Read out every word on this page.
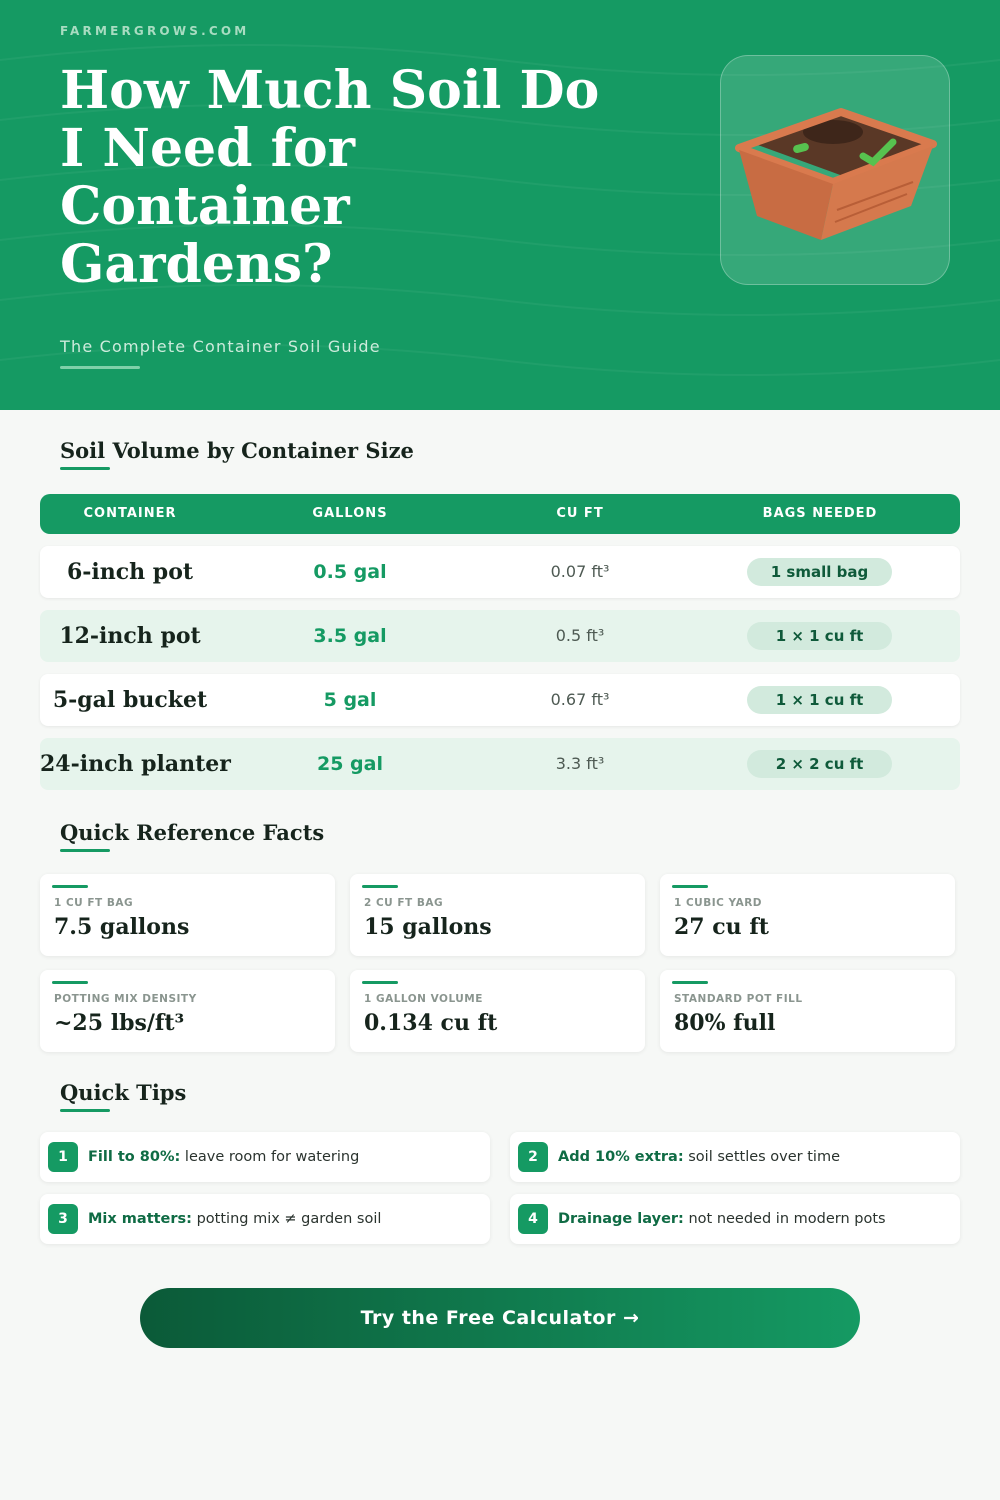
FARMERGROWS.COM
How Much Soil Do I Need for Container Gardens?
The Complete Container Soil Guide
Soil Volume by Container Size
CONTAINER	GALLONS	CU FT	BAGS NEEDED
6-inch pot	0.5 gal	0.07 ft³	1 small bag
12-inch pot	3.5 gal	0.5 ft³	1 × 1 cu ft
5-gal bucket	5 gal	0.67 ft³	1 × 1 cu ft
24-inch planter	25 gal	3.3 ft³	2 × 2 cu ft
Quick Reference Facts
1 CU FT BAG
7.5 gallons
2 CU FT BAG
15 gallons
1 CUBIC YARD
27 cu ft
POTTING MIX DENSITY
~25 lbs/ft³
1 GALLON VOLUME
0.134 cu ft
STANDARD POT FILL
80% full
Quick Tips
1	Fill to 80%: leave room for watering	2	Add 10% extra: soil settles over time
3	Mix matters: potting mix ≠ garden soil	4	Drainage layer: not needed in modern pots
Try the Free Calculator →
